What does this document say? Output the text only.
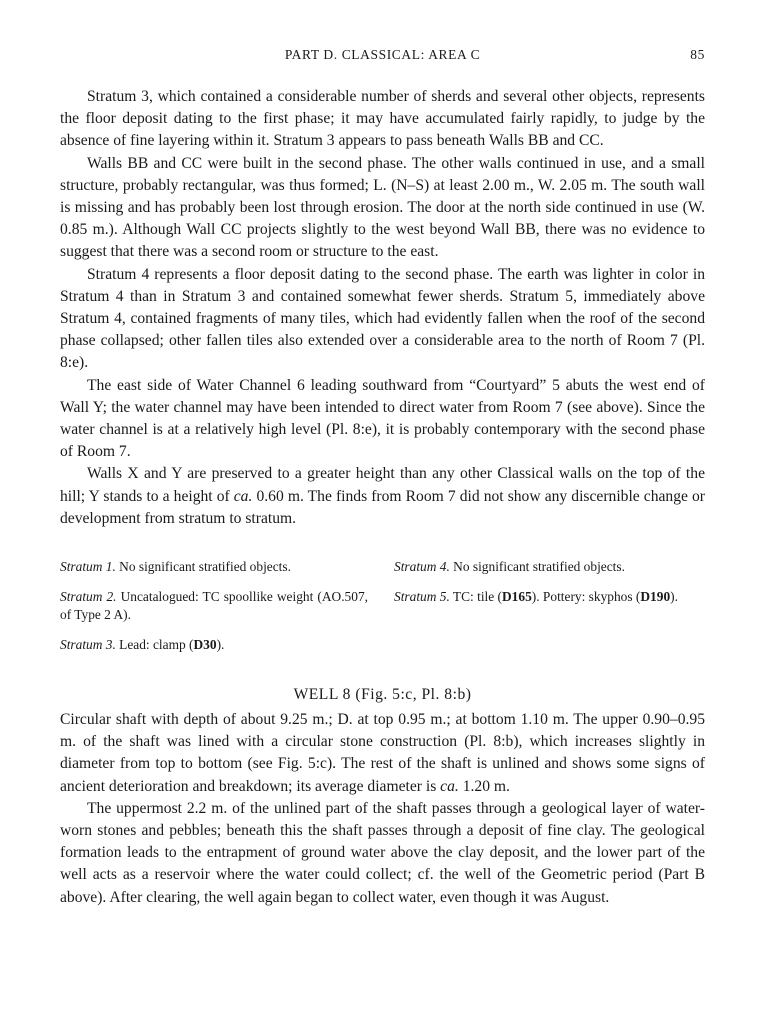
PART D. CLASSICAL: AREA C	85

Stratum 3, which contained a considerable number of sherds and several other objects, represents the floor deposit dating to the first phase; it may have accumulated fairly rapidly, to judge by the absence of fine layering within it. Stratum 3 appears to pass beneath Walls BB and CC.

Walls BB and CC were built in the second phase. The other walls continued in use, and a small structure, probably rectangular, was thus formed; L. (N–S) at least 2.00 m., W. 2.05 m. The south wall is missing and has probably been lost through erosion. The door at the north side continued in use (W. 0.85 m.). Although Wall CC projects slightly to the west beyond Wall BB, there was no evidence to suggest that there was a second room or structure to the east.

Stratum 4 represents a floor deposit dating to the second phase. The earth was lighter in color in Stratum 4 than in Stratum 3 and contained somewhat fewer sherds. Stratum 5, immediately above Stratum 4, contained fragments of many tiles, which had evidently fallen when the roof of the second phase collapsed; other fallen tiles also extended over a considerable area to the north of Room 7 (Pl. 8:e).

The east side of Water Channel 6 leading southward from “Courtyard” 5 abuts the west end of Wall Y; the water channel may have been intended to direct water from Room 7 (see above). Since the water channel is at a relatively high level (Pl. 8:e), it is probably contemporary with the second phase of Room 7.

Walls X and Y are preserved to a greater height than any other Classical walls on the top of the hill; Y stands to a height of ca. 0.60 m. The finds from Room 7 did not show any discernible change or development from stratum to stratum.

Stratum 1. No significant stratified objects.
Stratum 2. Uncatalogued: TC spoollike weight (AO.507, of Type 2 A).
Stratum 3. Lead: clamp (D30).
Stratum 4. No significant stratified objects.
Stratum 5. TC: tile (D165). Pottery: skyphos (D190).
WELL 8 (Fig. 5:c, Pl. 8:b)

Circular shaft with depth of about 9.25 m.; D. at top 0.95 m.; at bottom 1.10 m. The upper 0.90–0.95 m. of the shaft was lined with a circular stone construction (Pl. 8:b), which increases slightly in diameter from top to bottom (see Fig. 5:c). The rest of the shaft is unlined and shows some signs of ancient deterioration and breakdown; its average diameter is ca. 1.20 m.

The uppermost 2.2 m. of the unlined part of the shaft passes through a geological layer of water-worn stones and pebbles; beneath this the shaft passes through a deposit of fine clay. The geological formation leads to the entrapment of ground water above the clay deposit, and the lower part of the well acts as a reservoir where the water could collect; cf. the well of the Geometric period (Part B above). After clearing, the well again began to collect water, even though it was August.
